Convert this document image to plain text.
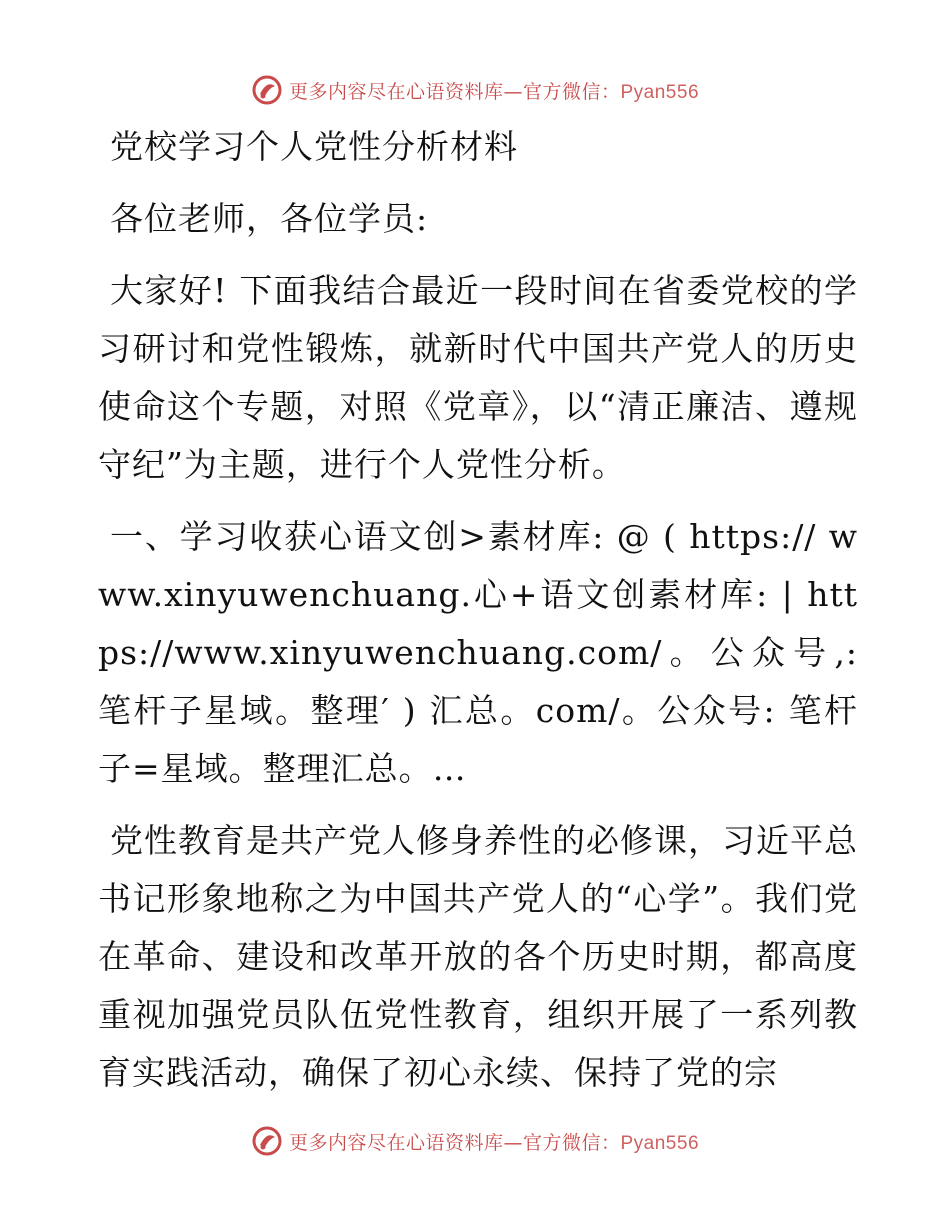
更多内容尽在心语资料库—官方微信：Pyan556

党校学习个人党性分析材料

各位老师，各位学员:

大家好! 下面我结合最近一段时间在省委党校的学习研讨和党性锻炼，就新时代中国共产党人的历史使命这个专题，对照《党章》，以“清正廉洁、遵规守纪”为主题，进行个人党性分析。

一、学习收获心语文创>素材库: @ ( https:// www.xinyuwenchuang.心+语文创素材库: | https://www.xinyuwenchuang.com/。公众号,: 笔杆子星域。整理′ ) 汇总。com/。公众号: 笔杆子=星域。整理汇总。…

党性教育是共产党人修身养性的必修课，习近平总书记形象地称之为中国共产党人的“心学”。我们党在革命、建设和改革开放的各个历史时期，都高度重视加强党员队伍党性教育，组织开展了一系列教育实践活动，确保了初心永续、保持了党的宗

更多内容尽在心语资料库—官方微信：Pyan556
